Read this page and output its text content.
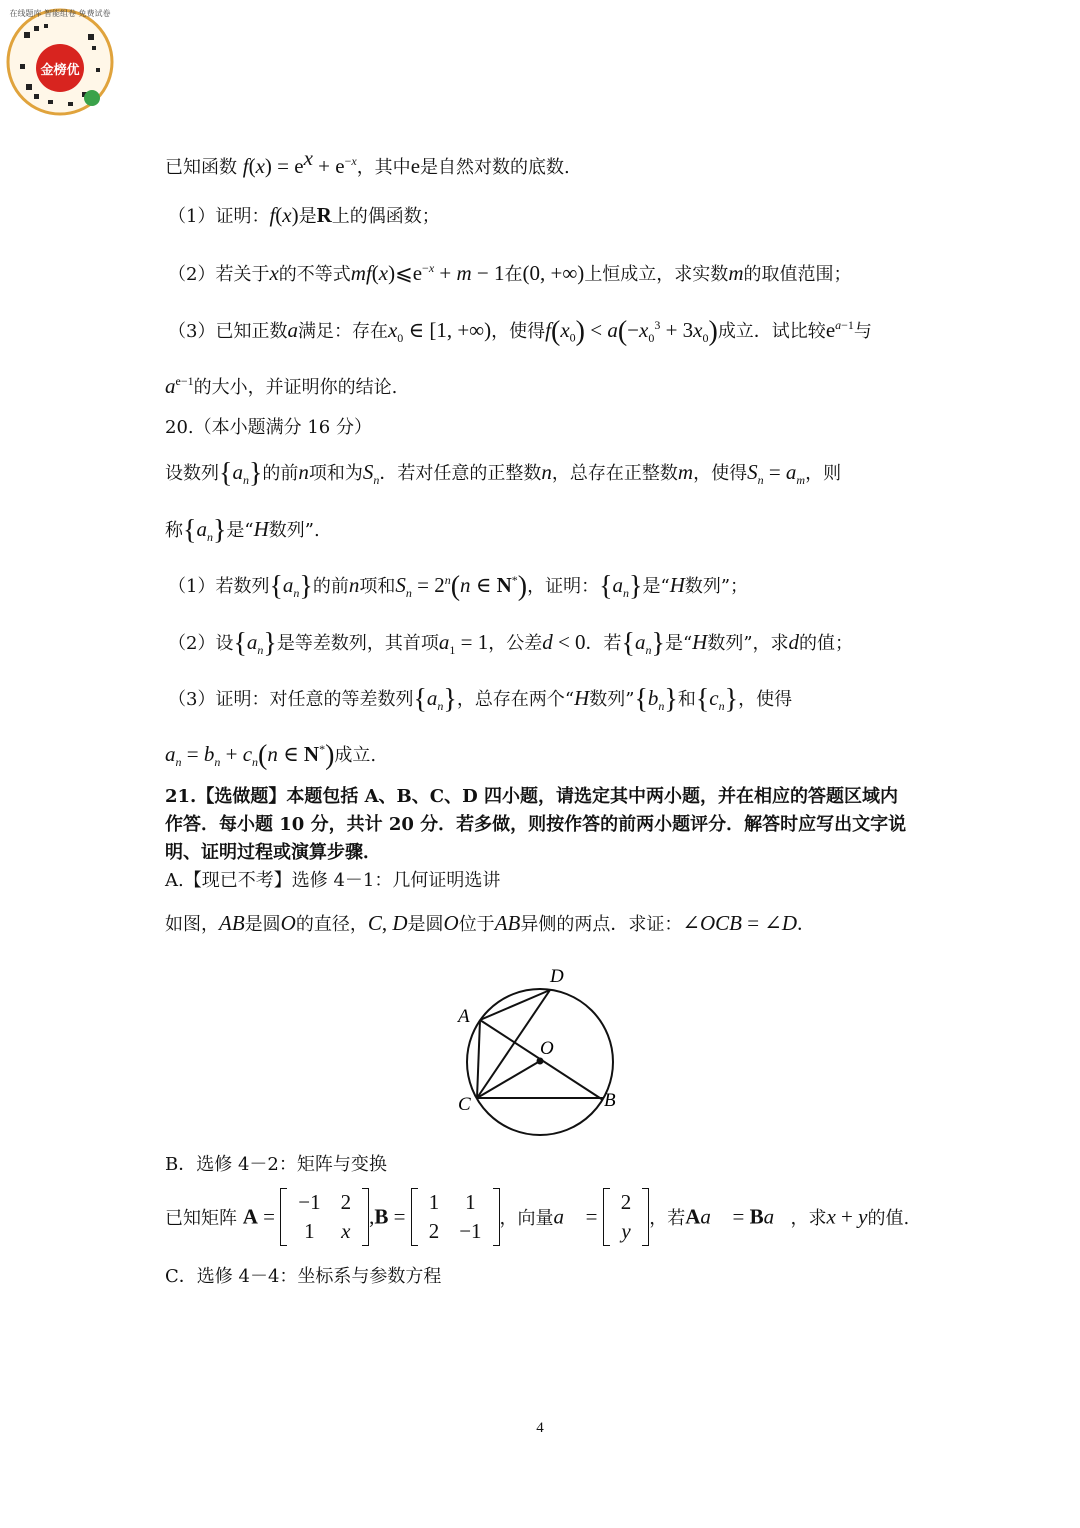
金榜优
在线题库 智能组卷 免费试卷
已知函数 $f(x) = e^x + e^{-x}$，其中e是自然对数的底数.
（1）证明：f(x)是R上的偶函数；
（2）若关于x的不等式$mf(x)⩽e^{-x} + m - 1$在(0, +∞)上恒成立，求实数m的取值范围；
（3）已知正数a满足：存在$x_0$ ∈ [1, +∞)，使得$f(x_0) < a(-x_0^3 + 3x_0)$成立．试比较$e^{a-1}$与
$a^{e-1}$的大小，并证明你的结论.
20.（本小题满分 16 分）
设数列$\{a_n\}$的前n项和为$S_n$．若对任意的正整数n，总存在正整数m，使得$S_n = a_m$，则
称$\{a_n\}$是“H数列”.
（1）若数列$\{a_n\}$的前n项和$S_n = 2^n(n$ ∈ N*)，证明：$\{a_n\}$是“H数列”；
（2）设$\{a_n\}$是等差数列，其首项$a_1 = 1$，公差d < 0．若$\{a_n\}$是“H数列”，求d的值；
（3）证明：对任意的等差数列$\{a_n\}$，总存在两个“H数列$”\{b_n\}$和$\{c_n\}$，使得
$a_n = b_n + c_n(n$ ∈ N*)成立.
21.【选做题】本题包括 A、B、C、D 四小题，请选定其中两小题，并在相应的答题区域内
作答．每小题 10 分，共计 20 分．若多做，则按作答的前两小题评分．解答时应写出文字说
明、证明过程或演算步骤．
A.【现已不考】选修 4－1：几何证明选讲
如图，AB是圆O的直径，C, D是圆O位于AB异侧的两点．求证：∠OCB = ∠D.
D
A
O
C	B
B．选修 4－2：矩阵与变换
已知矩阵 A =
−1	2
1	x
,B =
1	1
2	−1
，向量a⃗ =
2
y
，若Aa⃗ = Ba⃗，求x + y的值.
C．选修 4－4：坐标系与参数方程
4
